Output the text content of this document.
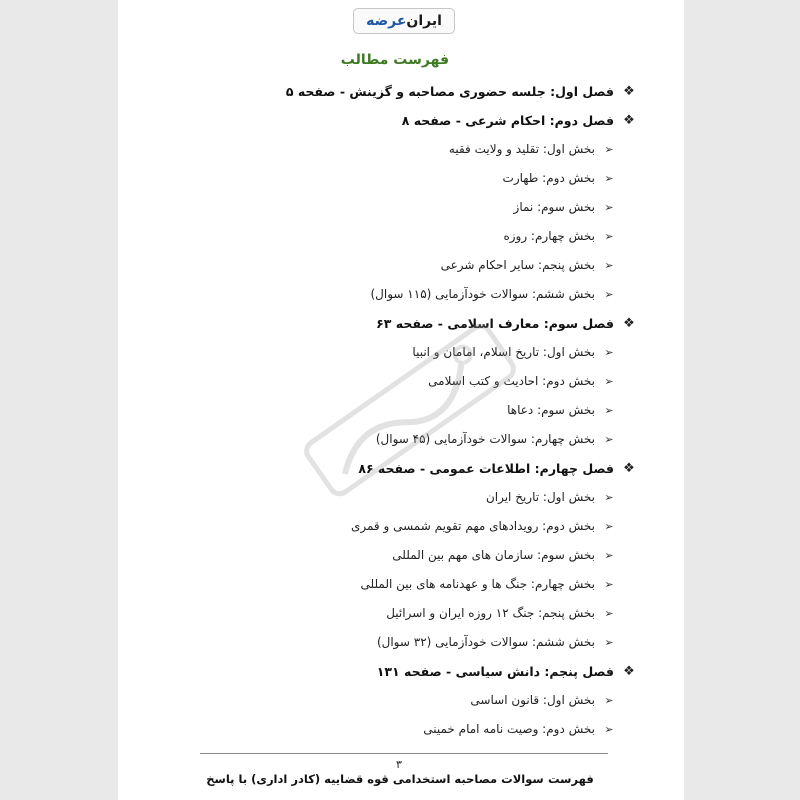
ایران
عرضه
فهرست مطالب
❖
فصل اول: جلسه حضوری مصاحبه و گزینش - صفحه ۵
❖
فصل دوم: احکام شرعی - صفحه ۸
➢
بخش اول: تقلید و ولایت فقیه
➢
بخش دوم: طهارت
➢
بخش سوم: نماز
➢
بخش چهارم: روزه
➢
بخش پنجم: سایر احکام شرعی
➢
بخش ششم: سوالات خودآزمایی (۱۱۵ سوال)
❖
فصل سوم: معارف اسلامی - صفحه ۶۳
➢
بخش اول: تاریخ اسلام، امامان و انبیا
➢
بخش دوم: احادیث و کتب اسلامی
➢
بخش سوم: دعاها
➢
بخش چهارم: سوالات خودآزمایی (۴۵ سوال)
❖
فصل چهارم: اطلاعات عمومی - صفحه ۸۶
➢
بخش اول: تاریخ ایران
➢
بخش دوم: رویدادهای مهم تقویم شمسی و قمری
➢
بخش سوم: سازمان های مهم بین المللی
➢
بخش چهارم: جنگ ها و عهدنامه های بین المللی
➢
بخش پنجم: جنگ ۱۲ روزه ایران و اسرائیل
➢
بخش ششم: سوالات خودآزمایی (۳۲ سوال)
❖
فصل پنجم: دانش سیاسی - صفحه ۱۳۱
➢
بخش اول: قانون اساسی
➢
بخش دوم: وصیت نامه امام خمینی
۳
سوالات مصاحبه استخدامی قوه قضاییه (کادر اداری) با پاسخ فهرست
